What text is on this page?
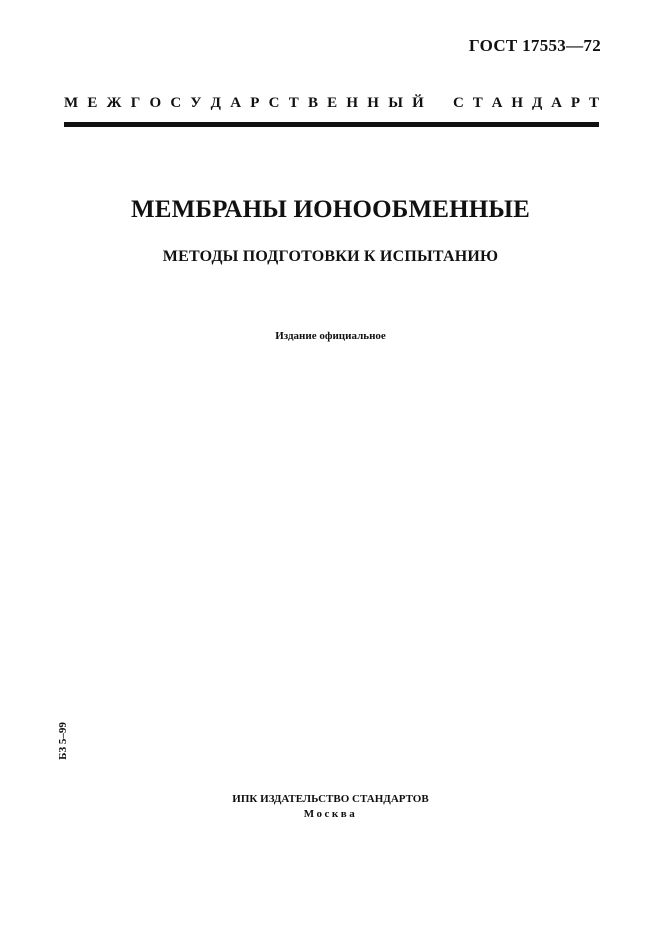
ГОСТ 17553—72
М Е Ж Г О С У Д А Р С Т В Е Н Н Ы Й С Т А Н Д А Р Т
МЕМБРАНЫ ИОНООБМЕННЫЕ
МЕТОДЫ ПОДГОТОВКИ К ИСПЫТАНИЮ
Издание официальное
БЗ 5–99
ИПК ИЗДАТЕЛЬСТВО СТАНДАРТОВ
Москва
